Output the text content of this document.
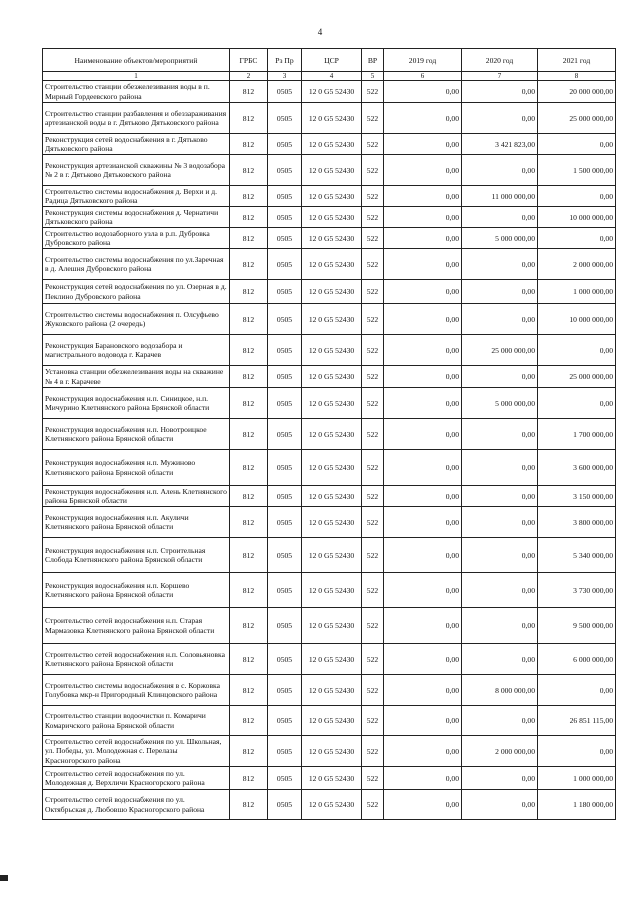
4
Наименование объектов/мероприятий	ГРБС	Рз Пр	ЦСР	ВР	2019 год	2020 год	2021 год
1	2	3	4	5	6	7	8
Строительство станции обезжелезивания воды в п. Мирный Гордеевского района	812	0505	12 0 G5 52430	522	0,00	0,00	20 000 000,00
Строительство станции разбавления и обеззараживания артезианской воды в г. Дятьково Дятьковского района	812	0505	12 0 G5 52430	522	0,00	0,00	25 000 000,00
Реконструкция сетей водоснабжения в г. Дятьково Дятьковского района	812	0505	12 0 G5 52430	522	0,00	3 421 823,00	0,00
Реконструкция артезианской скважины № 3 водозабора № 2 в г. Дятьково Дятьковского района	812	0505	12 0 G5 52430	522	0,00	0,00	1 500 000,00
Строительство системы водоснабжения д. Верхи и д. Радица Дятьковского района	812	0505	12 0 G5 52430	522	0,00	11 000 000,00	0,00
Реконструкция системы водоснабжения д. Чернатичи Дятьковского района	812	0505	12 0 G5 52430	522	0,00	0,00	10 000 000,00
Строительство водозаборного узла в р.п. Дубровка Дубровского района	812	0505	12 0 G5 52430	522	0,00	5 000 000,00	0,00
Строительство системы водоснабжения по ул.Заречная в д. Алешня Дубровского района	812	0505	12 0 G5 52430	522	0,00	0,00	2 000 000,00
Реконструкция сетей водоснабжения по ул. Озерная в д. Пеклино Дубровского района	812	0505	12 0 G5 52430	522	0,00	0,00	1 000 000,00
Строительство системы водоснабжения п. Олсуфьево Жуковского района (2 очередь)	812	0505	12 0 G5 52430	522	0,00	0,00	10 000 000,00
Реконструкция Барановского водозабора и магистрального водовода г. Карачев	812	0505	12 0 G5 52430	522	0,00	25 000 000,00	0,00
Установка станции обезжелезивания воды на скважине № 4 в г. Карачеве	812	0505	12 0 G5 52430	522	0,00	0,00	25 000 000,00
Реконструкция водоснабжения н.п. Синицкое, н.п. Мичурино Клетнянского района Брянской области	812	0505	12 0 G5 52430	522	0,00	5 000 000,00	0,00
Реконструкция водоснабжения н.п. Новотроицкое Клетнянского района Брянской области	812	0505	12 0 G5 52430	522	0,00	0,00	1 700 000,00
Реконструкция водоснабжения н.п. Мужиново Клетнянского района Брянской области	812	0505	12 0 G5 52430	522	0,00	0,00	3 600 000,00
Реконструкция водоснабжения н.п. Алень Клетнянского района Брянской области	812	0505	12 0 G5 52430	522	0,00	0,00	3 150 000,00
Реконструкция водоснабжения н.п. Акуличи Клетнянского района Брянской области	812	0505	12 0 G5 52430	522	0,00	0,00	3 800 000,00
Реконструкция водоснабжения н.п. Строительная Слобода Клетнянского района Брянской области	812	0505	12 0 G5 52430	522	0,00	0,00	5 340 000,00
Реконструкция водоснабжения н.п. Коршево Клетнянского района Брянской области	812	0505	12 0 G5 52430	522	0,00	0,00	3 730 000,00
Строительство сетей водоснабжения н.п. Старая Мармазовка Клетнянского района Брянской области	812	0505	12 0 G5 52430	522	0,00	0,00	9 500 000,00
Строительство сетей водоснабжения н.п. Соловьяновка Клетнянского района Брянской области	812	0505	12 0 G5 52430	522	0,00	0,00	6 000 000,00
Строительство системы водоснабжения в с. Коржовка Голубовка мкр-н Пригородный Клинцовского района	812	0505	12 0 G5 52430	522	0,00	8 000 000,00	0,00
Строительство станции водоочистки п. Комаричи Комаричского района Брянской области	812	0505	12 0 G5 52430	522	0,00	0,00	26 851 115,00
Строительство сетей водоснабжения по ул. Школьная, ул. Победы, ул. Молодежная с. Перелазы Красногорского района	812	0505	12 0 G5 52430	522	0,00	2 000 000,00	0,00
Строительство сетей водоснабжения по ул. Молодежная д. Верхличи Красногорского района	812	0505	12 0 G5 52430	522	0,00	0,00	1 000 000,00
Строительство сетей водоснабжения по ул. Октябрьская д. Любовшо Красногорского района	812	0505	12 0 G5 52430	522	0,00	0,00	1 180 000,00
